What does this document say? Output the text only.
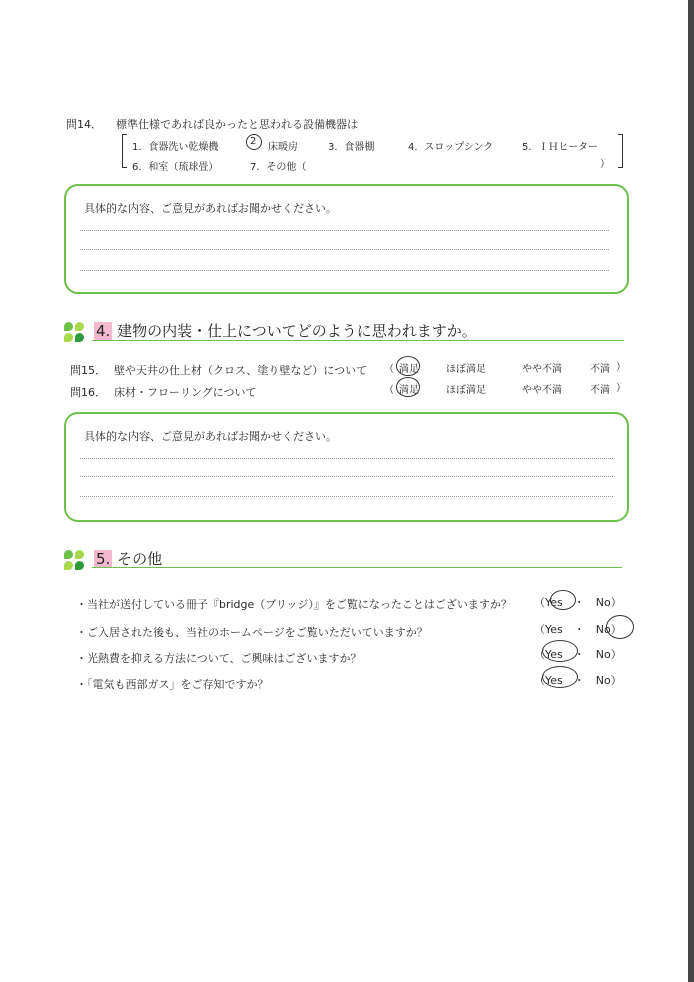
問14． 標準仕様であれば良かったと思われる設備機器は
1．食器洗い乾燥機
2
床暖房	3．食器棚	4．スロップシンク	5．ＩＨヒーター
6．和室（琉球畳）	7．その他（	）
具体的な内容、ご意見があればお聞かせください。
4. 建物の内装・仕上についてどのように思われますか。
問15． 壁や天井の仕上材（クロス、塗り壁など）について （ 満足	ほぼ満足	やや不満	不満 ）
問16． 床材・フローリングについて	（ 満足	ほぼ満足	やや不満	不満 ）
具体的な内容、ご意見があればお聞かせください。
5. その他
・当社が送付している冊子『bridge（ブリッジ）』をご覧になったことはございますか？ （Yes　・　No）
・ご入居された後も、当社のホームページをご覧いただいていますか？	（Yes　・　No）
・光熱費を抑える方法について、ご興味はございますか？	（Yes　・　No）
・「電気も西部ガス」をご存知ですか？	（Yes　・　No）
